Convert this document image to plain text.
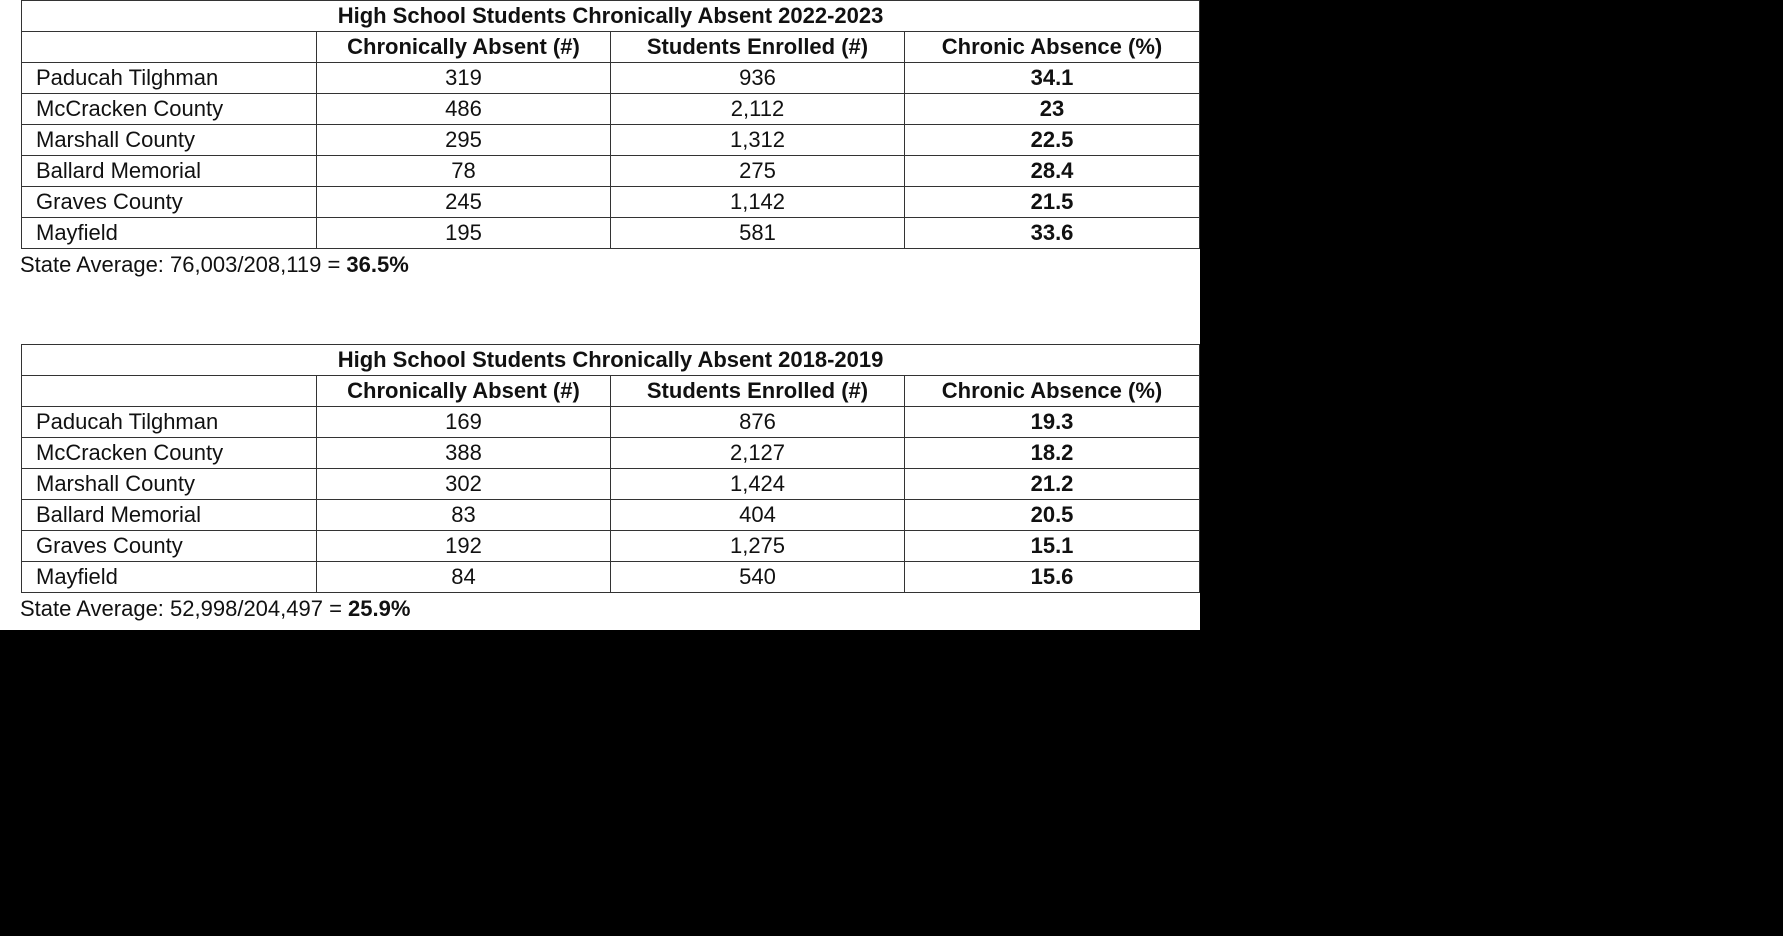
High School Students Chronically Absent 2022-2023			
	Chronically Absent (#)	Students Enrolled (#)	Chronic Absence (%)
Paducah Tilghman	319	936	34.1
McCracken County	486	2,112	23
Marshall County	295	1,312	22.5
Ballard Memorial	78	275	28.4
Graves County	245	1,142	21.5
Mayfield	195	581	33.6
State Average: 76,003/208,119 = 36.5%
High School Students Chronically Absent 2018-2019			
	Chronically Absent (#)	Students Enrolled (#)	Chronic Absence (%)
Paducah Tilghman	169	876	19.3
McCracken County	388	2,127	18.2
Marshall County	302	1,424	21.2
Ballard Memorial	83	404	20.5
Graves County	192	1,275	15.1
Mayfield	84	540	15.6
State Average: 52,998/204,497 = 25.9%
